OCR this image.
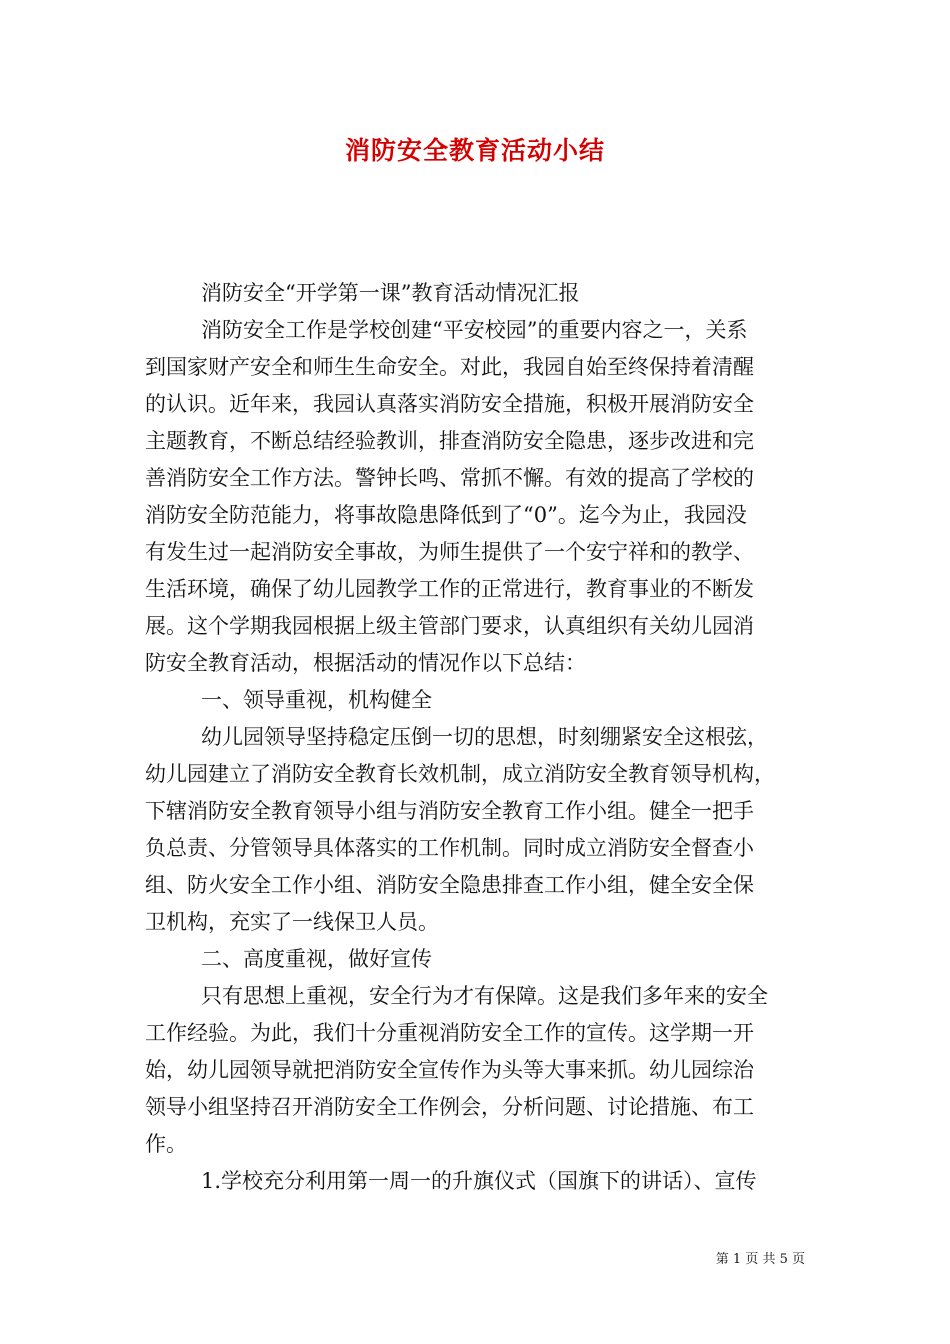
消防安全教育活动小结
消防安全“开学第一课”教育活动情况汇报
消防安全工作是学校创建“平安校园”的重要内容之一，关系
到国家财产安全和师生生命安全。对此，我园自始至终保持着清醒
的认识。近年来，我园认真落实消防安全措施，积极开展消防安全
主题教育，不断总结经验教训，排查消防安全隐患，逐步改进和完
善消防安全工作方法。警钟长鸣、常抓不懈。有效的提高了学校的
消防安全防范能力，将事故隐患降低到了“0”。迄今为止，我园没
有发生过一起消防安全事故，为师生提供了一个安宁祥和的教学、
生活环境，确保了幼儿园教学工作的正常进行，教育事业的不断发
展。这个学期我园根据上级主管部门要求，认真组织有关幼儿园消
防安全教育活动，根据活动的情况作以下总结：
一、领导重视，机构健全
幼儿园领导坚持稳定压倒一切的思想，时刻绷紧安全这根弦，
幼儿园建立了消防安全教育长效机制，成立消防安全教育领导机构，
下辖消防安全教育领导小组与消防安全教育工作小组。健全一把手
负总责、分管领导具体落实的工作机制。同时成立消防安全督查小
组、防火安全工作小组、消防安全隐患排查工作小组，健全安全保
卫机构，充实了一线保卫人员。
二、高度重视，做好宣传
只有思想上重视，安全行为才有保障。这是我们多年来的安全
工作经验。为此，我们十分重视消防安全工作的宣传。这学期一开
始，幼儿园领导就把消防安全宣传作为头等大事来抓。幼儿园综治
领导小组坚持召开消防安全工作例会，分析问题、讨论措施、布工
作。
1.学校充分利用第一周一的升旗仪式（国旗下的讲话）、宣传
第 1 页 共 5 页
